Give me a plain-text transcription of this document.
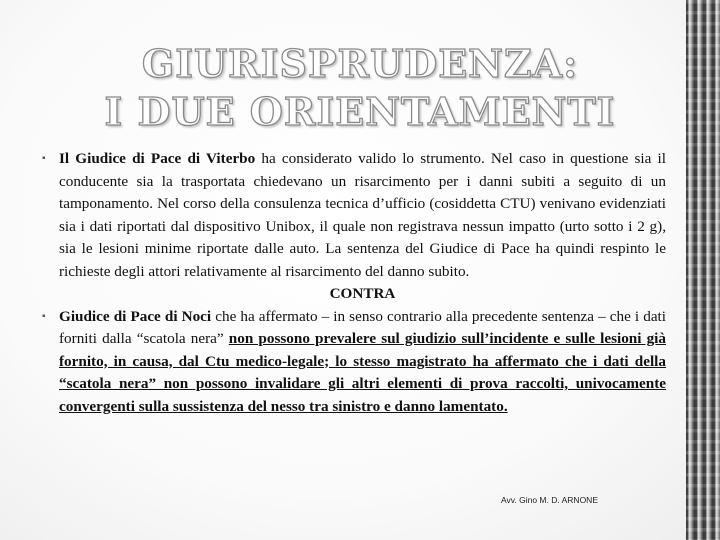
GIURISPRUDENZA:
I DUE ORIENTAMENTI
▪ Il Giudice di Pace di Viterbo ha considerato valido lo strumento. Nel caso in questione sia il conducente sia la trasportata chiedevano un risarcimento per i danni subiti a seguito di un tamponamento. Nel corso della consulenza tecnica d’ufficio (cosiddetta CTU) venivano evidenziati sia i dati riportati dal dispositivo Unibox, il quale non registrava nessun impatto (urto sotto i 2 g), sia le lesioni minime riportate dalle auto. La sentenza del Giudice di Pace ha quindi respinto le richieste degli attori relativamente al risarcimento del danno subito.
CONTRA
▪ Giudice di Pace di Noci che ha affermato – in senso contrario alla precedente sentenza – che i dati forniti dalla “scatola nera” non possono prevalere sul giudizio sull’incidente e sulle lesioni già fornito, in causa, dal Ctu medico-legale; lo stesso magistrato ha affermato che i dati della “scatola nera” non possono invalidare gli altri elementi di prova raccolti, univocamente convergenti sulla sussistenza del nesso tra sinistro e danno lamentato.
Avv. Gino M. D. ARNONE
